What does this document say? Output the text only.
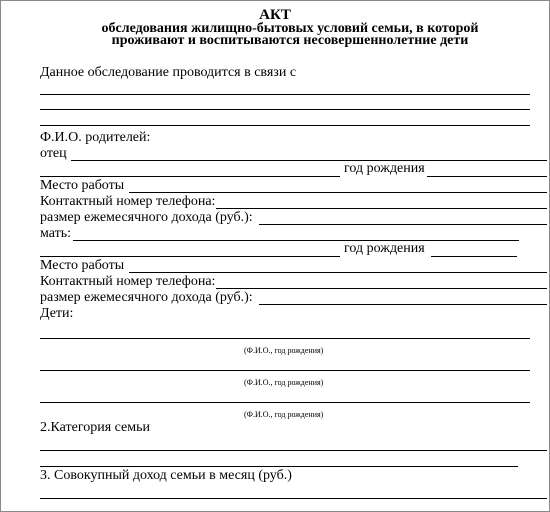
АКТ
обследования жилищно-бытовых условий семьи, в которой
проживают и воспитываются несовершеннолетние дети
Данное обследование проводится в связи с
Ф.И.О. родителей:
отец
год рождения
Место работы
Контактный номер телефона:
размер ежемесячного дохода (руб.):
мать:
год рождения
Место работы
Контактный номер телефона:
размер ежемесячного дохода (руб.):
Дети:
(Ф.И.О., год рождения)
(Ф.И.О., год рождения)
(Ф.И.О., год рождения)
2.Категория семьи
3. Совокупный доход семьи в месяц (руб.)
